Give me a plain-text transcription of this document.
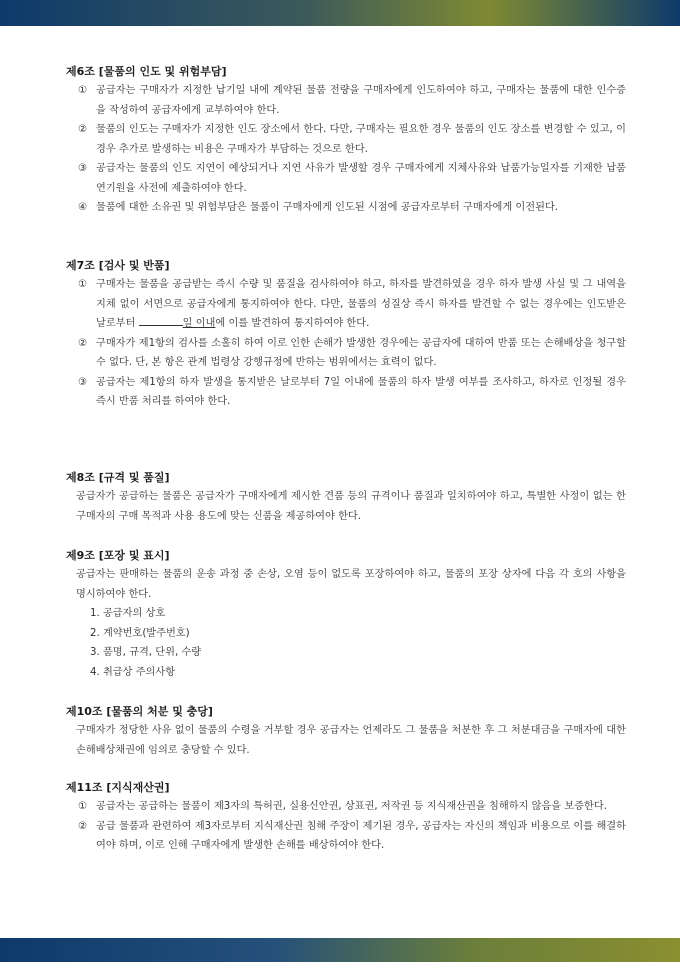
제6조 [물품의 인도 및 위험부담]

① 공급자는 구매자가 지정한 납기일 내에 계약된 물품 전량을 구매자에게 인도하여야 하고, 구매자는 물품에 대한 인수증을 작성하여 공급자에게 교부하여야 한다.

② 물품의 인도는 구매자가 지정한 인도 장소에서 한다. 다만, 구매자는 필요한 경우 물품의 인도 장소를 변경할 수 있고, 이 경우 추가로 발생하는 비용은 구매자가 부담하는 것으로 한다.

③ 공급자는 물품의 인도 지연이 예상되거나 지연 사유가 발생할 경우 구매자에게 지체사유와 납품가능일자를 기재한 납품연기원을 사전에 제출하여야 한다.

④ 물품에 대한 소유권 및 위험부담은 물품이 구매자에게 인도된 시점에 공급자로부터 구매자에게 이전된다.

제7조 [검사 및 반품]

① 구매자는 물품을 공급받는 즉시 수량 및 품질을 검사하여야 하고, 하자를 발견하였을 경우 하자 발생 사실 및 그 내역을 지체 없이 서면으로 공급자에게 통지하여야 한다. 다만, 물품의 성질상 즉시 하자를 발견할 수 없는 경우에는 인도받은 날로부터	일 이내에 이를 발견하여 통지하여야 한다.

② 구매자가 제1항의 검사를 소홀히 하여 이로 인한 손해가 발생한 경우에는 공급자에 대하여 반품 또는 손해배상을 청구할 수 없다. 단, 본 항은 관계 법령상 강행규정에 반하는 범위에서는 효력이 없다.

③ 공급자는 제1항의 하자 발생을 통지받은 날로부터 7일 이내에 물품의 하자 발생 여부를 조사하고, 하자로 인정될 경우 즉시 반품 처리를 하여야 한다.

제8조 [규격 및 품질]

공급자가 공급하는 물품은 공급자가 구매자에게 제시한 견품 등의 규격이나 품질과 일치하여야 하고, 특별한 사정이 없는 한 구매자의 구매 목적과 사용 용도에 맞는 신품을 제공하여야 한다.

제9조 [포장 및 표시]

공급자는 판매하는 물품의 운송 과정 중 손상, 오염 등이 없도록 포장하여야 하고, 물품의 포장 상자에 다음 각 호의 사항을 명시하여야 한다.

1. 공급자의 상호

2. 계약번호(발주번호)

3. 품명, 규격, 단위, 수량

4. 취급상 주의사항

제10조 [물품의 처분 및 충당]

구매자가 정당한 사유 없이 물품의 수령을 거부할 경우 공급자는 언제라도 그 물품을 처분한 후 그 처분대금을 구매자에 대한 손해배상채권에 임의로 충당할 수 있다.

제11조 [지식재산권]

① 공급자는 공급하는 물품이 제3자의 특허권, 실용신안권, 상표권, 저작권 등 지식재산권을 침해하지 않음을 보증한다.

② 공급 물품과 관련하여 제3자로부터 지식재산권 침해 주장이 제기된 경우, 공급자는 자신의 책임과 비용으로 이를 해결하여야 하며, 이로 인해 구매자에게 발생한 손해를 배상하여야 한다.
